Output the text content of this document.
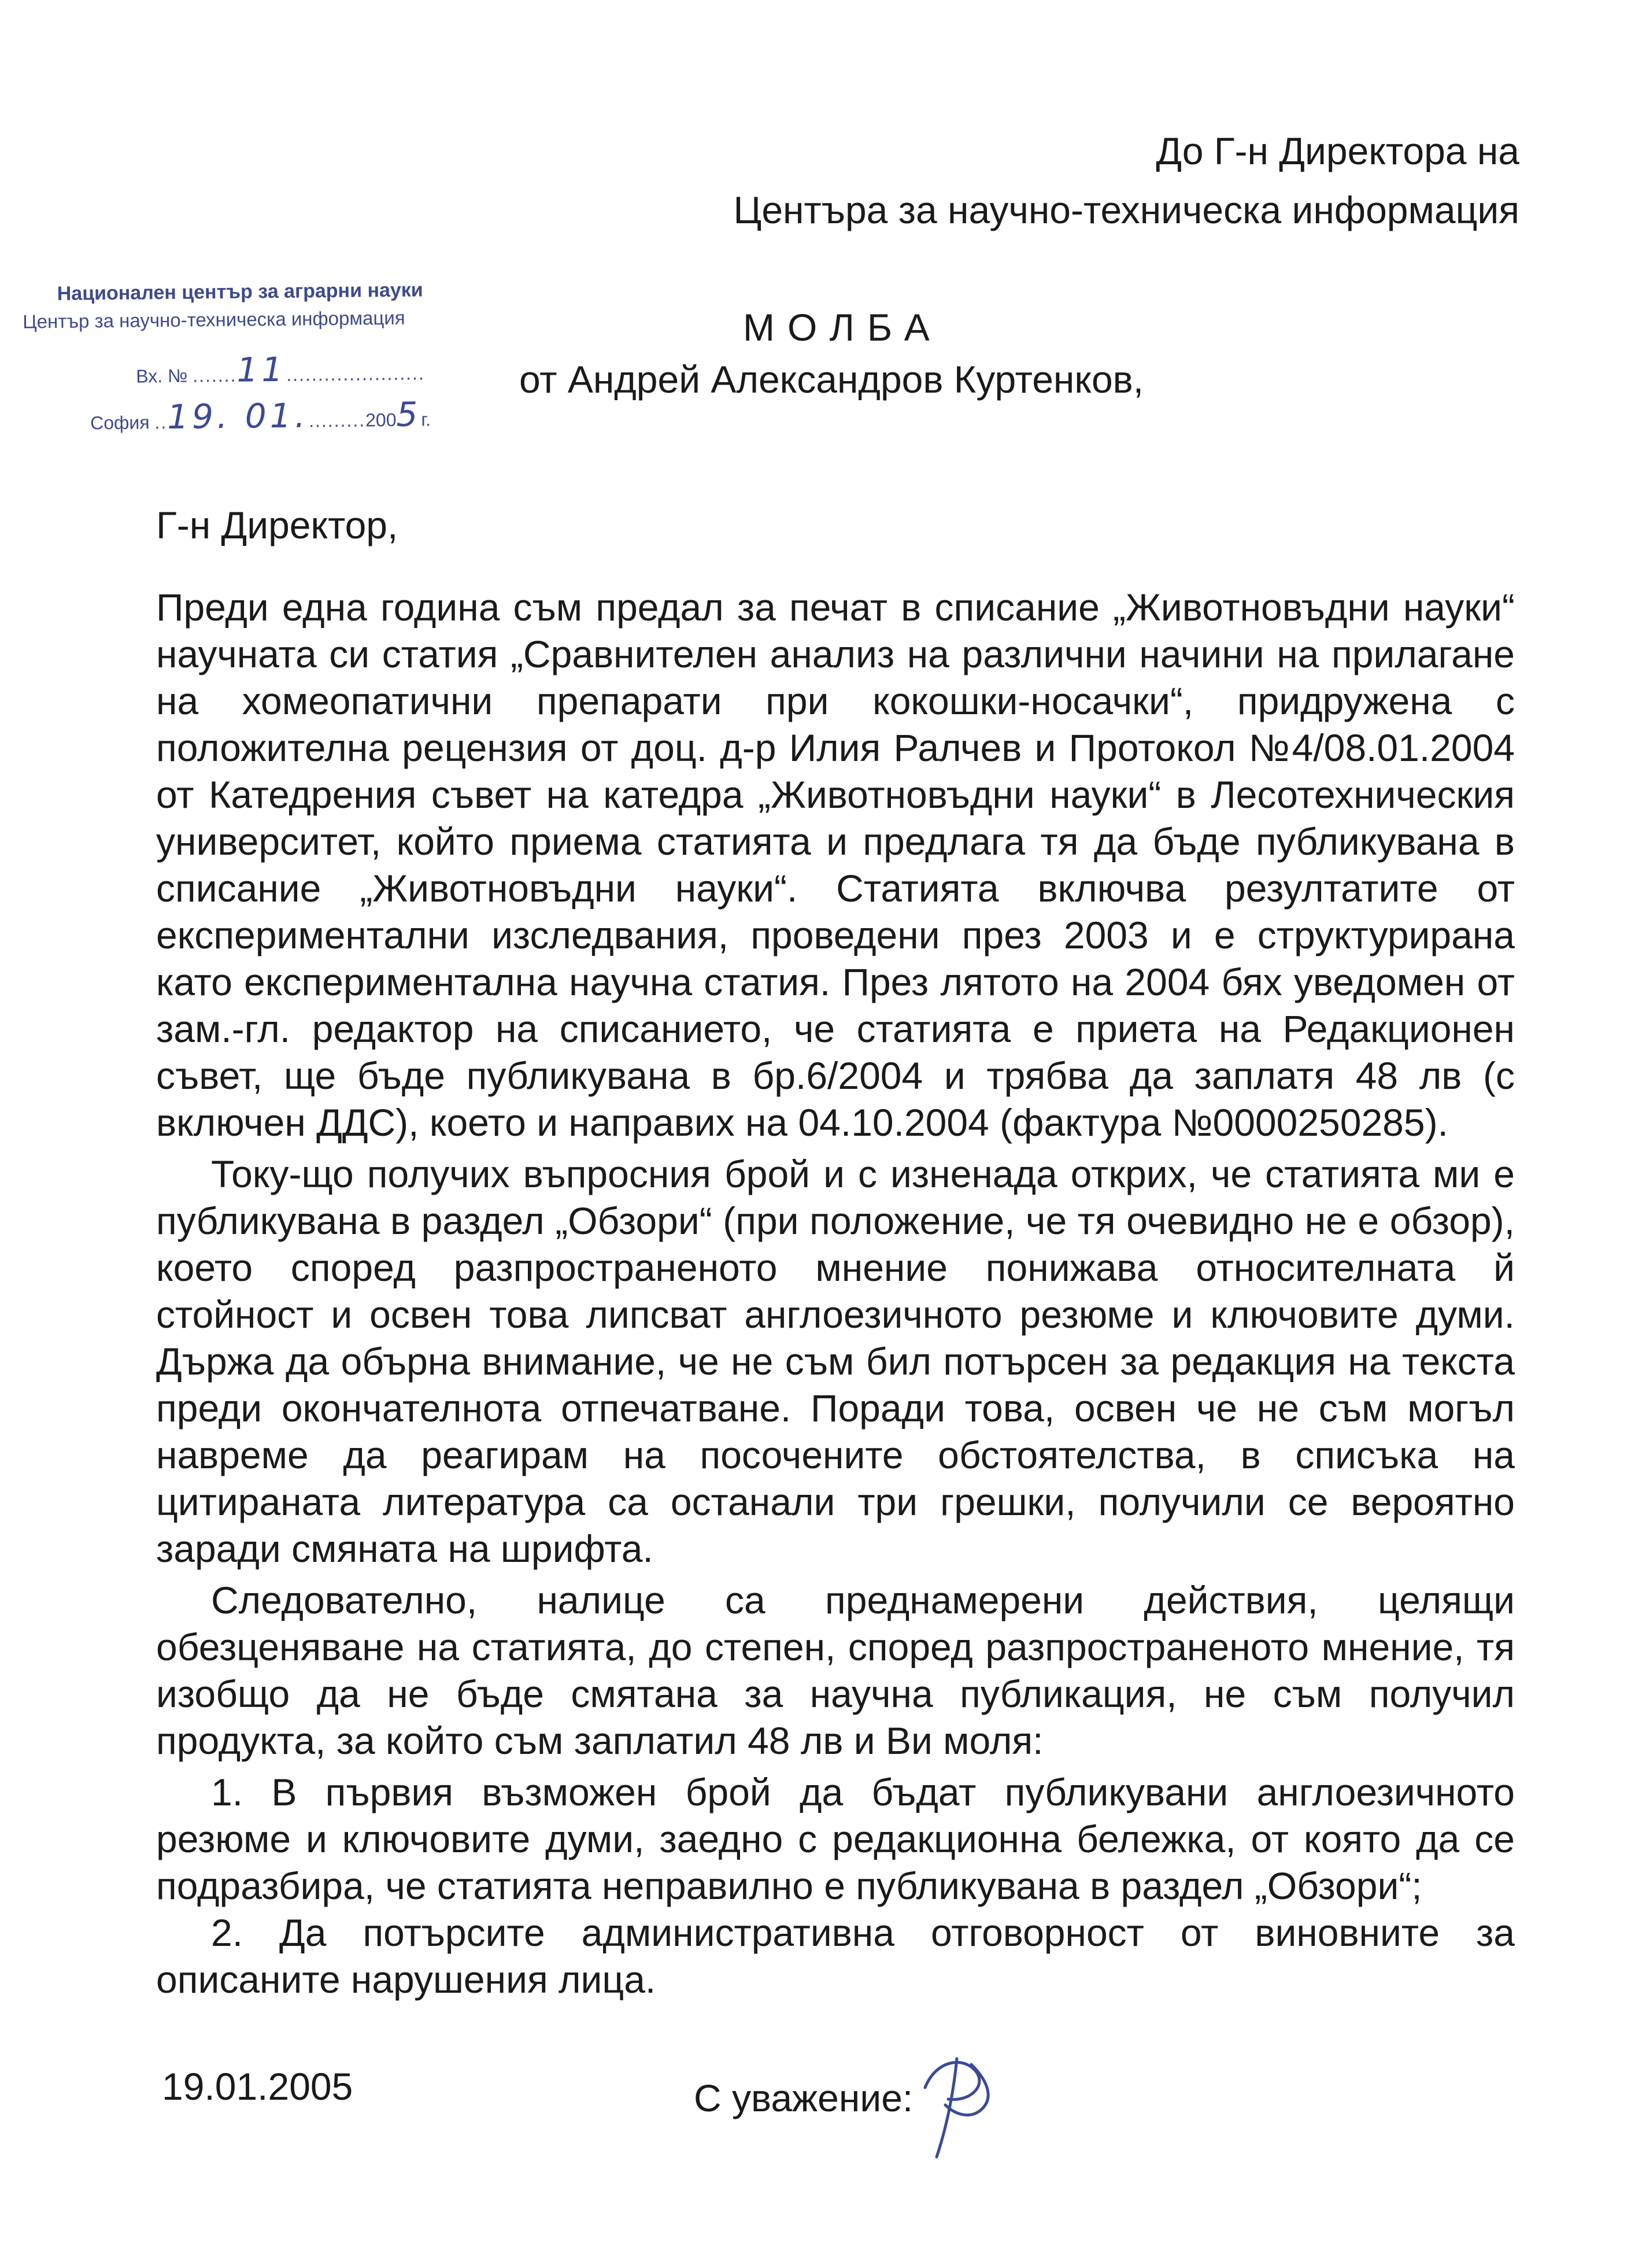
До Г-н Директора на
Центъра за научно-техническа информация
Национален център за аграрни науки
Център за научно-техническа информация
Вх. № .......11......................
София ..19. 01..........2005г.
МОЛБА
от Андрей Александров Куртенков,
Г-н Директор,

Преди една година съм предал за печат в списание „Животновъдни науки“ научната си статия „Сравнителен анализ на различни начини на прилагане на хомеопатични препарати при кокошки-носачки“, придружена с положителна рецензия от доц. д-р Илия Ралчев и Протокол №4/08.01.2004 от Катедрения съвет на катедра „Животновъдни науки“ в Лесотехническия университет, който приема статията и предлага тя да бъде публикувана в списание „Животновъдни науки“. Статията включва резултатите от експериментални изследвания, проведени през 2003 и е структурирана като експериментална научна статия. През лятото на 2004 бях уведомен от зам.-гл. редактор на списанието, че статията е приета на Редакционен съвет, ще бъде публикувана в бр.6/2004 и трябва да заплатя 48 лв (с включен ДДС), което и направих на 04.10.2004 (фактура №0000250285).

Току-що получих въпросния брой и с изненада открих, че статията ми е публикувана в раздел „Обзори“ (при положение, че тя очевидно не е обзор), което според разпространеното мнение понижава относителната й стойност и освен това липсват англоезичното резюме и ключовите думи. Държа да обърна внимание, че не съм бил потърсен за редакция на текста преди окончателнота отпечатване. Поради това, освен че не съм могъл навреме да реагирам на посочените обстоятелства, в списъка на цитираната литература са останали три грешки, получили се вероятно заради смяната на шрифта.

Следователно, налице са преднамерени действия, целящи обезценяване на статията, до степен, според разпространеното мнение, тя изобщо да не бъде смятана за научна публикация, не съм получил продукта, за който съм заплатил 48 лв и Ви моля:

1. В първия възможен брой да бъдат публикувани англоезичното резюме и ключовите думи, заедно с редакционна бележка, от която да се подразбира, че статията неправилно е публикувана в раздел „Обзори“;
2. Да потърсите административна отговорност от виновните за описаните нарушения лица.
19.01.2005	С уважение:
